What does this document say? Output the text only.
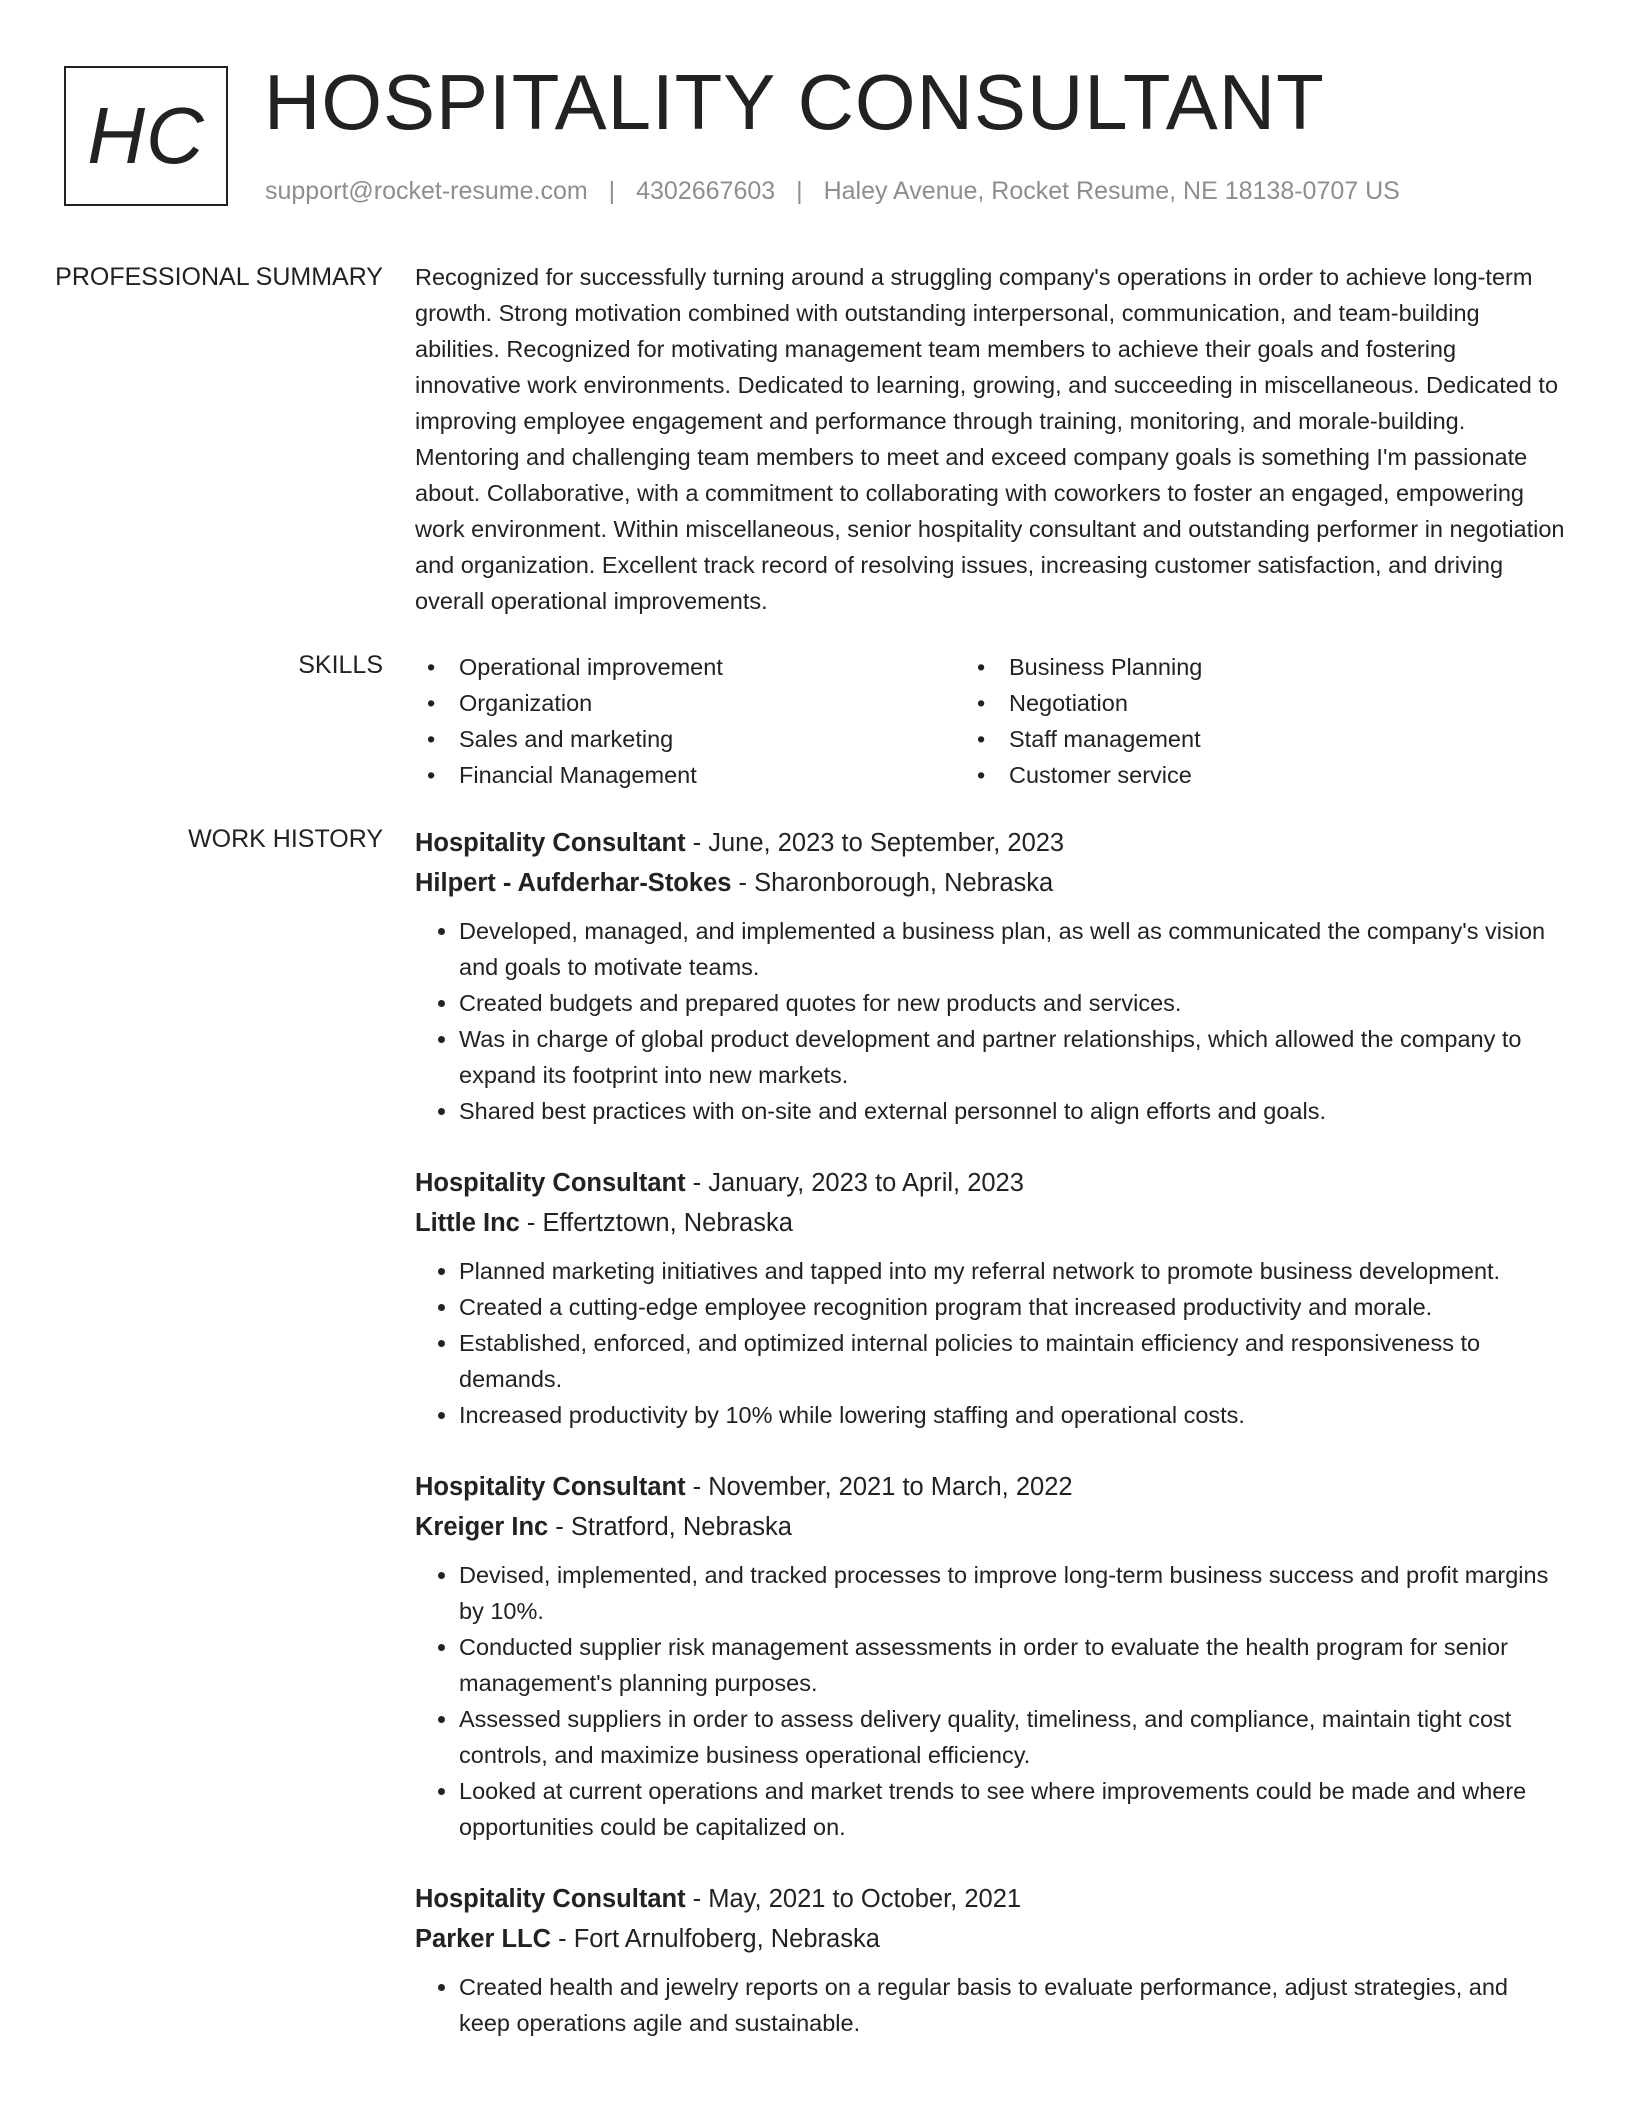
HC HOSPITALITY CONSULTANT
support@rocket-resume.com | 4302667603 | Haley Avenue, Rocket Resume, NE 18138-0707 US
PROFESSIONAL SUMMARY	Recognized for successfully turning around a struggling company's operations in order to achieve long-term growth. Strong motivation combined with outstanding interpersonal, communication, and team-building abilities. Recognized for motivating management team members to achieve their goals and fostering innovative work environments. Dedicated to learning, growing, and succeeding in miscellaneous. Dedicated to improving employee engagement and performance through training, monitoring, and morale-building. Mentoring and challenging team members to meet and exceed company goals is something I'm passionate about. Collaborative, with a commitment to collaborating with coworkers to foster an engaged, empowering work environment. Within miscellaneous, senior hospitality consultant and outstanding performer in negotiation and organization. Excellent track record of resolving issues, increasing customer satisfaction, and driving overall operational improvements.

SKILLS	• Operational improvement	• Business Planning
• Organization	• Negotiation
• Sales and marketing	• Staff management
• Financial Management	• Customer service
WORK HISTORY	Hospitality Consultant - June, 2023 to September, 2023
Hilpert - Aufderhar-Stokes - Sharonborough, Nebraska
• Developed, managed, and implemented a business plan, as well as communicated the company's vision and goals to motivate teams.
• Created budgets and prepared quotes for new products and services.
• Was in charge of global product development and partner relationships, which allowed the company to expand its footprint into new markets.
• Shared best practices with on-site and external personnel to align efforts and goals.
Hospitality Consultant - January, 2023 to April, 2023
Little Inc - Effertztown, Nebraska
• Planned marketing initiatives and tapped into my referral network to promote business development.
• Created a cutting-edge employee recognition program that increased productivity and morale.
• Established, enforced, and optimized internal policies to maintain efficiency and responsiveness to demands.
• Increased productivity by 10% while lowering staffing and operational costs.
Hospitality Consultant - November, 2021 to March, 2022
Kreiger Inc - Stratford, Nebraska
• Devised, implemented, and tracked processes to improve long-term business success and profit margins by 10%.
• Conducted supplier risk management assessments in order to evaluate the health program for senior management's planning purposes.
• Assessed suppliers in order to assess delivery quality, timeliness, and compliance, maintain tight cost controls, and maximize business operational efficiency.
• Looked at current operations and market trends to see where improvements could be made and where opportunities could be capitalized on.
Hospitality Consultant - May, 2021 to October, 2021
Parker LLC - Fort Arnulfoberg, Nebraska
• Created health and jewelry reports on a regular basis to evaluate performance, adjust strategies, and keep operations agile and sustainable.
